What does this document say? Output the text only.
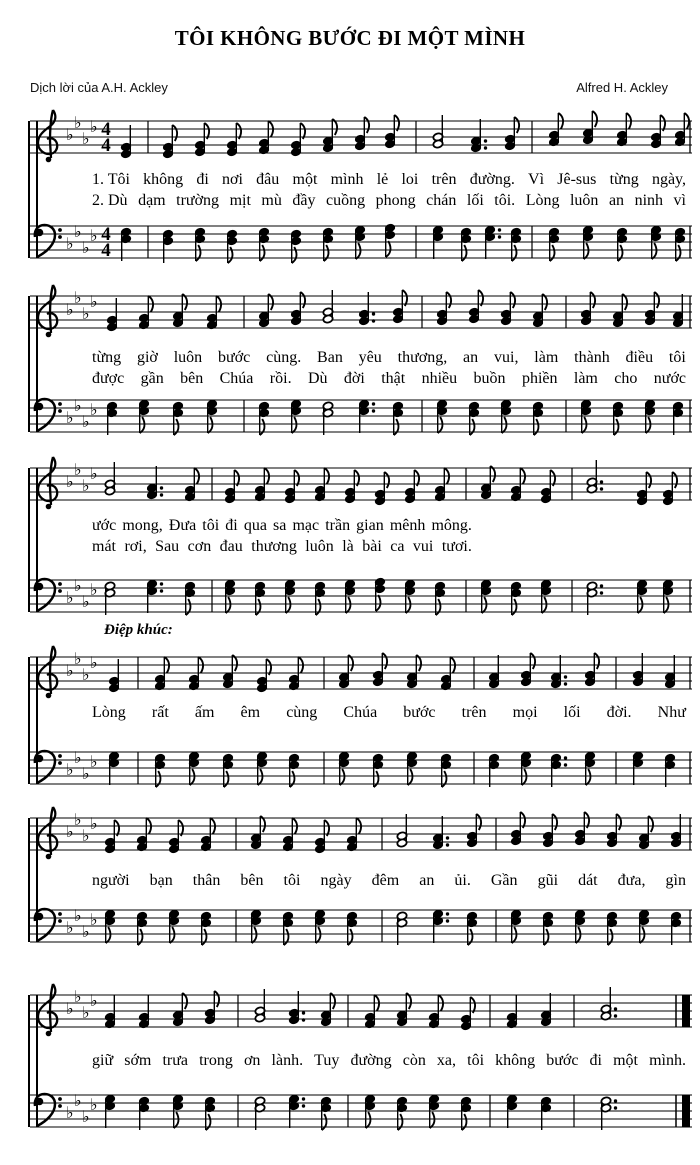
TÔI KHÔNG BƯỚC ĐI MỘT MÌNH
Dịch lời của A.H. Ackley	Alfred H. Ackley
♭
♭
♭
♭ 4
4
♭
♭
♭
♭ 4
4
1. Tôi không đi nơi đâu một mình lẻ loi trên đường. Vì Jê-sus từng ngày,
2. Dù dạm trường mịt mù đầy cuồng phong chán lối tôi. Lòng luôn an ninh vì
♭
♭
♭
♭
♭
♭
♭
♭
từng giờ luôn bước cùng. Ban yêu thương, an vui, làm thành điều tôi
được gần bên Chúa rồi. Dù đời thật nhiều buồn phiền làm cho nước
♭
♭
♭
♭
♭
♭
♭
♭
ước mong, Đưa tôi đi qua sa mạc trần gian mênh mông.
mát rơi, Sau cơn đau thương luôn là bài ca vui tươi.
Điệp khúc:
♭
♭
♭
♭
♭
♭
♭
♭
Lòng rất ấm êm cùng Chúa bước trên mọi lối đời. Như
♭
♭
♭
♭
♭
♭
♭
♭
người bạn thân bên tôi ngày đêm an ủi. Gần gũi dát đưa, gìn
♭
♭
♭
♭
♭
♭
♭
♭
giữ sớm trưa trong ơn lành. Tuy đường còn xa, tôi không bước đi một mình.
